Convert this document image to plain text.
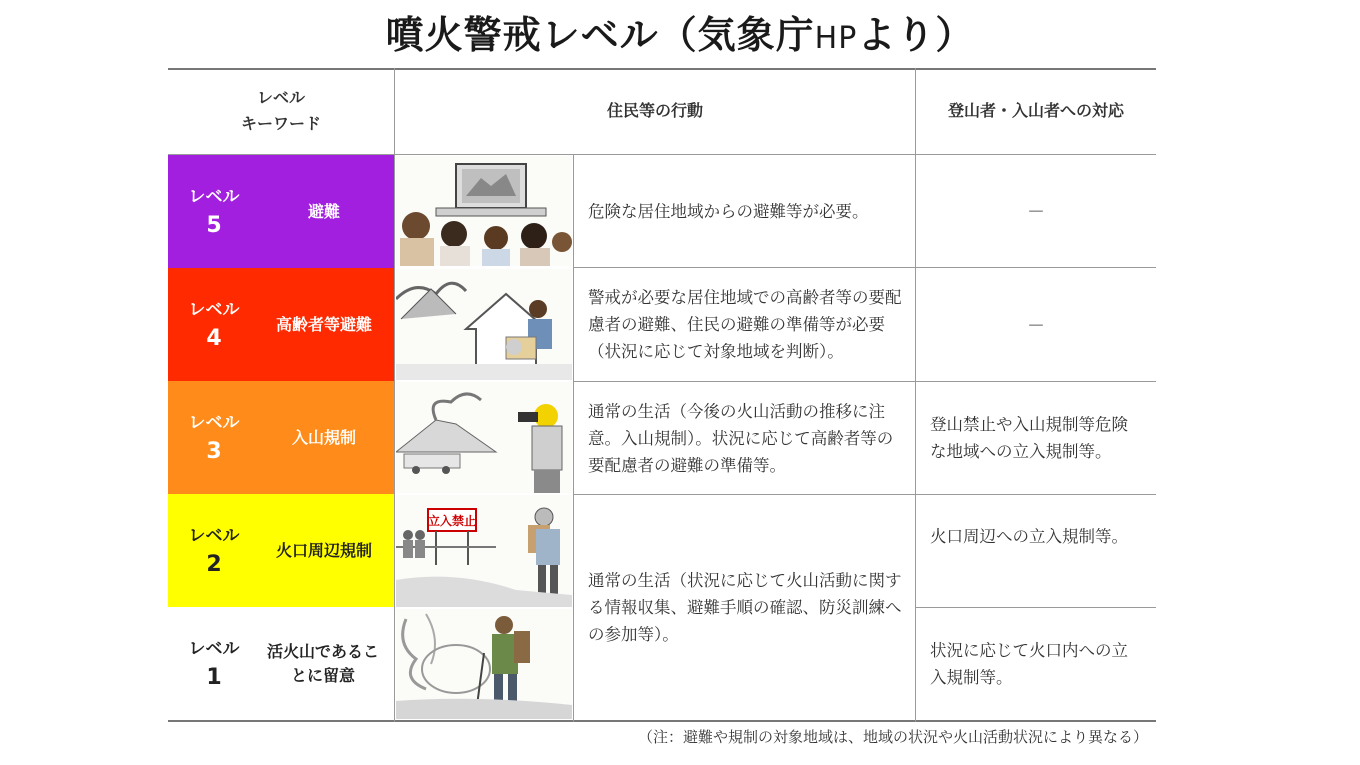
噴火警戒レベル（気象庁HPより）
レベル
キーワード
住民等の行動	登山者・入山者への対応
レベル
5
避難
レベル
4
高齢者等避難
レベル
3
入山規制
レベル
2
火口周辺規制
レベル
1
活火山であることに留意
立入禁止
危険な居住地域からの避難等が必要。
警戒が必要な居住地域での高齢者等の要配慮者の避難、住民の避難の準備等が必要（状況に応じて対象地域を判断）。
通常の生活（今後の火山活動の推移に注意。入山規制）。状況に応じて高齢者等の要配慮者の避難の準備等。
通常の生活（状況に応じて火山活動に関する情報収集、避難手順の確認、防災訓練への参加等）。
－
－
登山禁止や入山規制等危険な地域への立入規制等。
火口周辺への立入規制等。
状況に応じて火口内への立入規制等。
（注：避難や規制の対象地域は、地域の状況や火山活動状況により異なる）
